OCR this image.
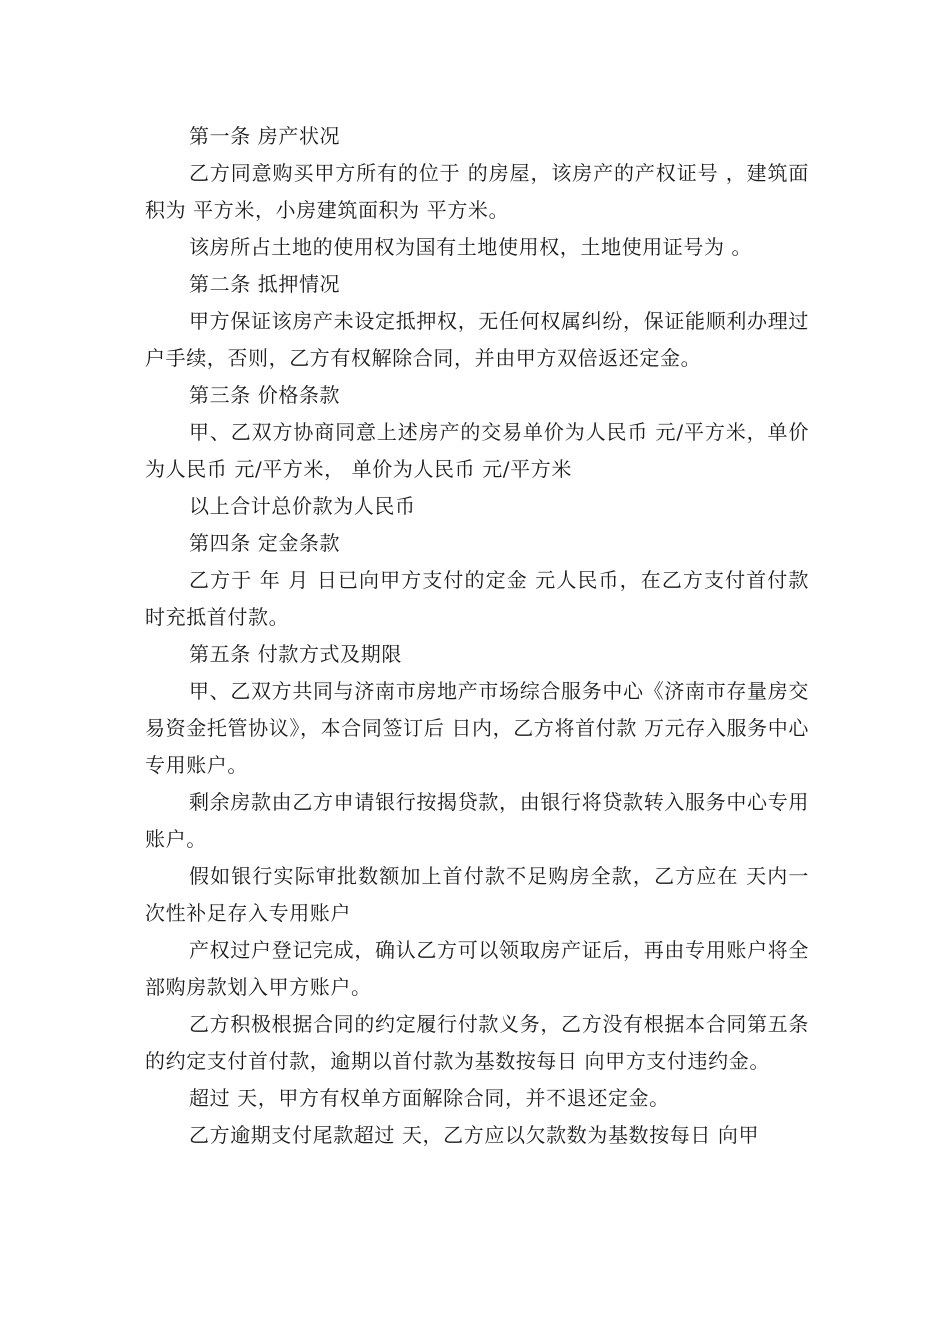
第一条 房产状况

乙方同意购买甲方所有的位于 的房屋，该房产的产权证号 ，建筑面积为 平方米，小房建筑面积为 平方米。

该房所占土地的使用权为国有土地使用权，土地使用证号为 。

第二条 抵押情况

甲方保证该房产未设定抵押权，无任何权属纠纷，保证能顺利办理过户手续，否则，乙方有权解除合同，并由甲方双倍返还定金。

第三条 价格条款

甲、乙双方协商同意上述房产的交易单价为人民币 元/平方米，单价为人民币 元/平方米， 单价为人民币 元/平方米

以上合计总价款为人民币

第四条 定金条款

乙方于 年 月 日已向甲方支付的定金 元人民币，在乙方支付首付款时充抵首付款。

第五条 付款方式及期限

甲、乙双方共同与济南市房地产市场综合服务中心《济南市存量房交易资金托管协议》，本合同签订后 日内，乙方将首付款 万元存入服务中心专用账户。

剩余房款由乙方申请银行按揭贷款，由银行将贷款转入服务中心专用账户。

假如银行实际审批数额加上首付款不足购房全款，乙方应在 天内一次性补足存入专用账户

产权过户登记完成，确认乙方可以领取房产证后，再由专用账户将全部购房款划入甲方账户。

乙方积极根据合同的约定履行付款义务，乙方没有根据本合同第五条的约定支付首付款，逾期以首付款为基数按每日 向甲方支付违约金。

超过 天，甲方有权单方面解除合同，并不退还定金。

乙方逾期支付尾款超过 天，乙方应以欠款数为基数按每日 向甲
